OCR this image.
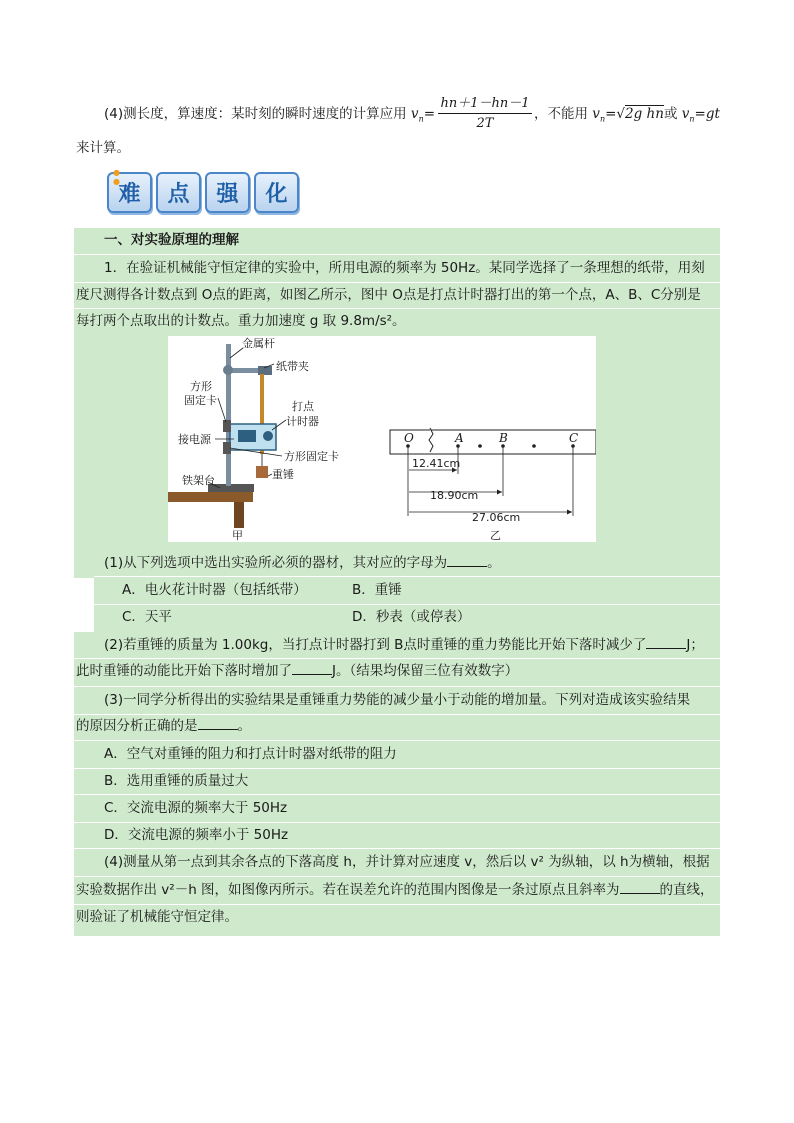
(4)测长度，算速度：某时刻的瞬时速度的计算应用 $v_n= \frac{hn+1-hn-1}{2T}$ ，不能用 $v_n=√2g$ hn或 $v_n=gt$
来计算。
● ●
难 点 强 化
一、对实验原理的理解
1．在验证机械能守恒定律的实验中，所用电源的频率为 50Hz。某同学选择了一条理想的纸带，用刻
度尺测得各计数点到 O点的距离，如图乙所示，图中 O点是打点计时器打出的第一个点，A、B、C分别是
每打两个点取出的计数点。重力加速度 g 取 9.8m/s²。
金属杆
纸带夹
方形
固定卡	打点
计时器
接电源
方形固定卡
重锤
铁架台
甲
O	A	B	C
12.41cm
18.90cm
27.06cm
乙
(1)从下列选项中选出实验所必须的器材，其对应的字母为	。
A．电火花计时器（包括纸带）	B．重锤
C．天平	D．秒表（或停表）
(2)若重锤的质量为 1.00kg，当打点计时器打到 B点时重锤的重力势能比开始下落时减少了	J；
此时重锤的动能比开始下落时增加了	J。（结果均保留三位有效数字）
(3)一同学分析得出的实验结果是重锤重力势能的减少量小于动能的增加量。下列对造成该实验结果
的原因分析正确的是	。
A．空气对重锤的阻力和打点计时器对纸带的阻力
B．选用重锤的质量过大
C．交流电源的频率大于 50Hz
D．交流电源的频率小于 50Hz
(4)测量从第一点到其余各点的下落高度 h，并计算对应速度 v，然后以 v² 为纵轴，以 h为横轴，根据
实验数据作出 v²－h 图，如图像丙所示。若在误差允许的范围内图像是一条过原点且斜率为	的直线，
则验证了机械能守恒定律。
